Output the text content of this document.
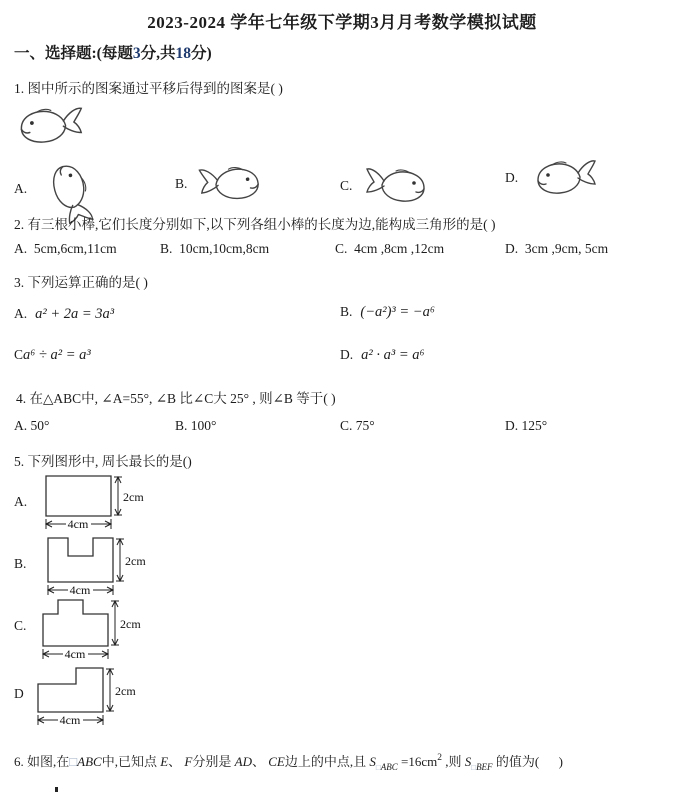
2023-2024 学年七年级下学期3月月考数学模拟试题
一、选择题:(每题3分,共18分)
1. 图中所示的图案通过平移后得到的图案是( )
A.	B.	C.
D.
2. 有三根小棒,它们长度分别如下,以下列各组小棒的长度为边,能构成三角形的是( )
A. 5cm,6cm,11cm	B. 10cm,10cm,8cm	C. 4cm ,8cm ,12cm	D. 3cm ,9cm, 5cm
3. 下列运算正确的是( )
A. a² + 2a = 3a³	B. (−a²)³ = −a⁶
Ca⁶ ÷ a² = a³	D. a² · a³ = a⁶
4. 在△ABC中, ∠A=55°, ∠B 比∠C大 25° , 则∠B 等于( )
A. 50°	B. 100°	C. 75°	D. 125°
5. 下列图形中, 周长最长的是()
A.	2cm
4cm
B.	2cm
4cm
C.	2cm
4cm
D	2cm
4cm
6. 如图,在□ABC中,已知点 E、 F分别是 AD、 CE边上的中点,且 $S_{□ABC} =16cm^2$ ,则 $S_{□BEF}$ 的值为(      )
